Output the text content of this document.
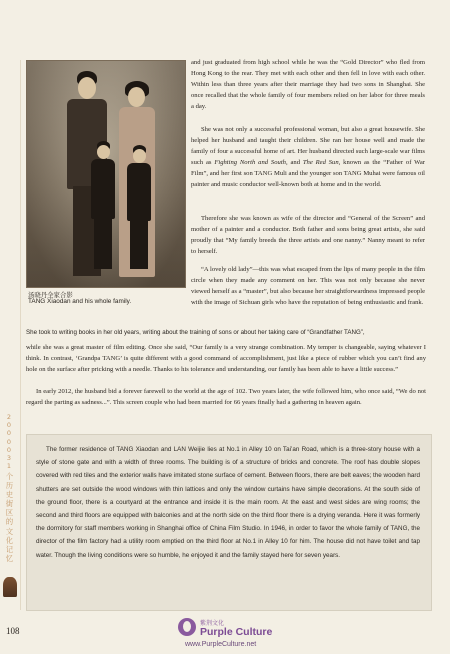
汤晓丹全家合影
TANG Xiaodan and his whole family.

and just graduated from high school while he was the “Gold Director” who fled from Hong Kong to the rear. They met with each other and then fell in love with each other. Within less than three years after their marriage they had two sons in Shanghai. She once recalled that the whole family of four members relied on her labor for three meals a day.

She was not only a successful professional woman, but also a great housewife. She helped her husband and taught their children. She ran her house well and made the family of four a successful home of art. Her husband directed such large-scale war films such as Fighting North and South, and The Red Sun, known as the “Father of War Film”, and her first son TANG Muli and the younger son TANG Muhai were famous oil painter and music conductor well-known both at home and in the world.

Therefore she was known as wife of the director and “General of the Screen” and mother of a painter and a conductor. Both father and sons being great artists, she said proudly that “My family breeds the three artists and one nanny.” Nanny meant to refer to herself.

“A lovely old lady”—this was what escaped from the lips of many people in the film circle when they made any comment on her. This was not only because she never viewed herself as a “master”, but also because her straightforwardness impressed people with the image of Sichuan girls who have the reputation of being enthusiastic and frank.

She took to writing books in her old years, writing about the training of sons or about her taking care of “Grandfather TANG”,

while she was a great master of film editing. Once she said, “Our family is a very strange combination. My temper is changeable, saying whatever I think. In contrast, ‘Grandpa TANG’ is quite different with a good command of accomplishment, just like a piece of rubber which you can’t find any hole on the surface after pricking with a needle. Thanks to his tolerance and understanding, our family has been able to have a little success.”

In early 2012, the husband bid a forever farewell to the world at the age of 102. Two years later, the wife followed him, who once said, “We do not regard the parting as sadness...”. This screen couple who had been married for 66 years finally had a gathering in heaven again.

2000031
个历史街区的文化记忆

The former residence of TANG Xiaodan and LAN Weijie lies at No.1 in Alley 10 on Tai’an Road, which is a three-story house with a style of stone gate and with a width of three rooms. The building is of a structure of bricks and concrete. The roof has double slopes covered with red tiles and the exterior walls have imitated stone surface of cement. Between floors, there are belt eaves; the wooden hard shutters are set outside the wood windows with thin lattices and only the window curtains have simple decorations. At the south side of the ground floor, there is a courtyard at the entrance and inside it is the main room. At the east and west sides are wing rooms; the second and third floors are equipped with balconies and at the north side on the third floor there is a drying veranda. Here it was formerly the dormitory for staff members working in Shanghai office of China Film Studio. In 1946, in order to favor the whole family of TANG, the director of the film factory had a utility room emptied on the third floor at No.1 in Alley 10 for him. The house did not have toilet and tap water. Though the living conditions were so humble, he enjoyed it and the family stayed here for seven years.

108
紫荆文化
Purple Culture
www.PurpleCulture.net
